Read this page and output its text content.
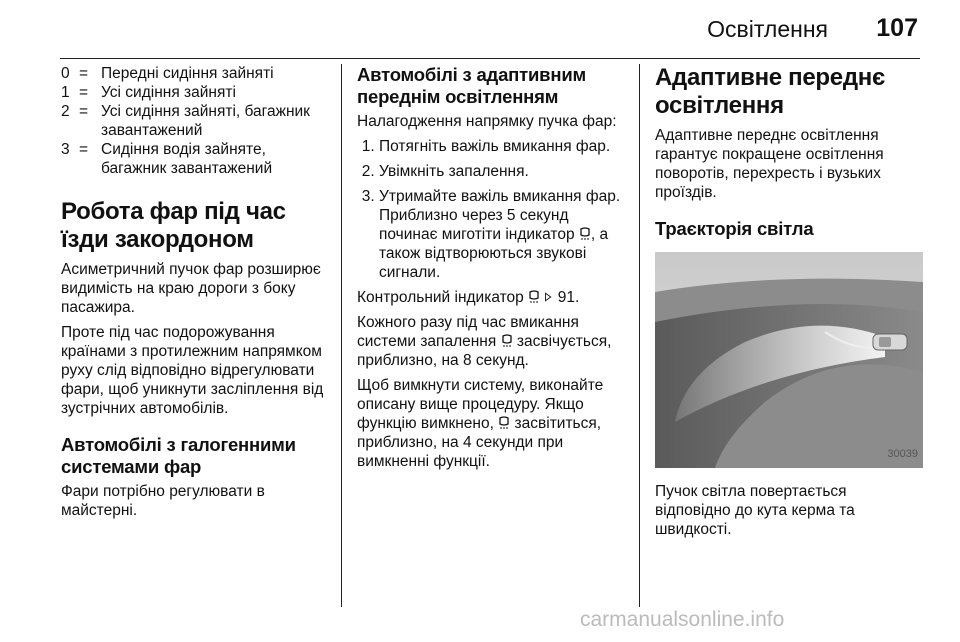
Освітлення 107
0 = Передні сидіння зайняті
1 = Усі сидіння зайняті
2 = Усі сидіння зайняті, багажник завантажений
3 = Сидіння водія зайняте, багажник завантажений
Робота фар під час їзди закордоном

Асиметричний пучок фар розширює видимість на краю дороги з боку пасажира.

Проте під час подорожування країнами з протилежним напрямком руху слід відповідно відрегулювати фари, щоб уникнути засліплення від зустрічних автомобілів.

Автомобілі з галогенними системами фар

Фари потрібно регулювати в майстерні.

Автомобілі з адаптивним переднім освітленням

Налагодження напрямку пучка фар:

1. Потягніть важіль вмикання фар.
2. Увімкніть запалення.
3. Утримайте важіль вмикання фар. Приблизно через 5 секунд починає миготіти індикатор , а також відтворюються звукові сигнали.

Контрольний індикатор 91.

Кожного разу під час вмикання системи запалення засвічується, приблизно, на 8 секунд.

Щоб вимкнути систему, виконайте описану вище процедуру. Якщо функцію вимкнено, засвітиться, приблизно, на 4 секунди при вимкненні функції.

Адаптивне переднє освітлення

Адаптивне переднє освітлення гарантує покращене освітлення поворотів, перехресть і вузьких проїздів.

Траєкторія світла
30039

Пучок світла повертається відповідно до кута керма та швидкості.

carmanualsonline.info
